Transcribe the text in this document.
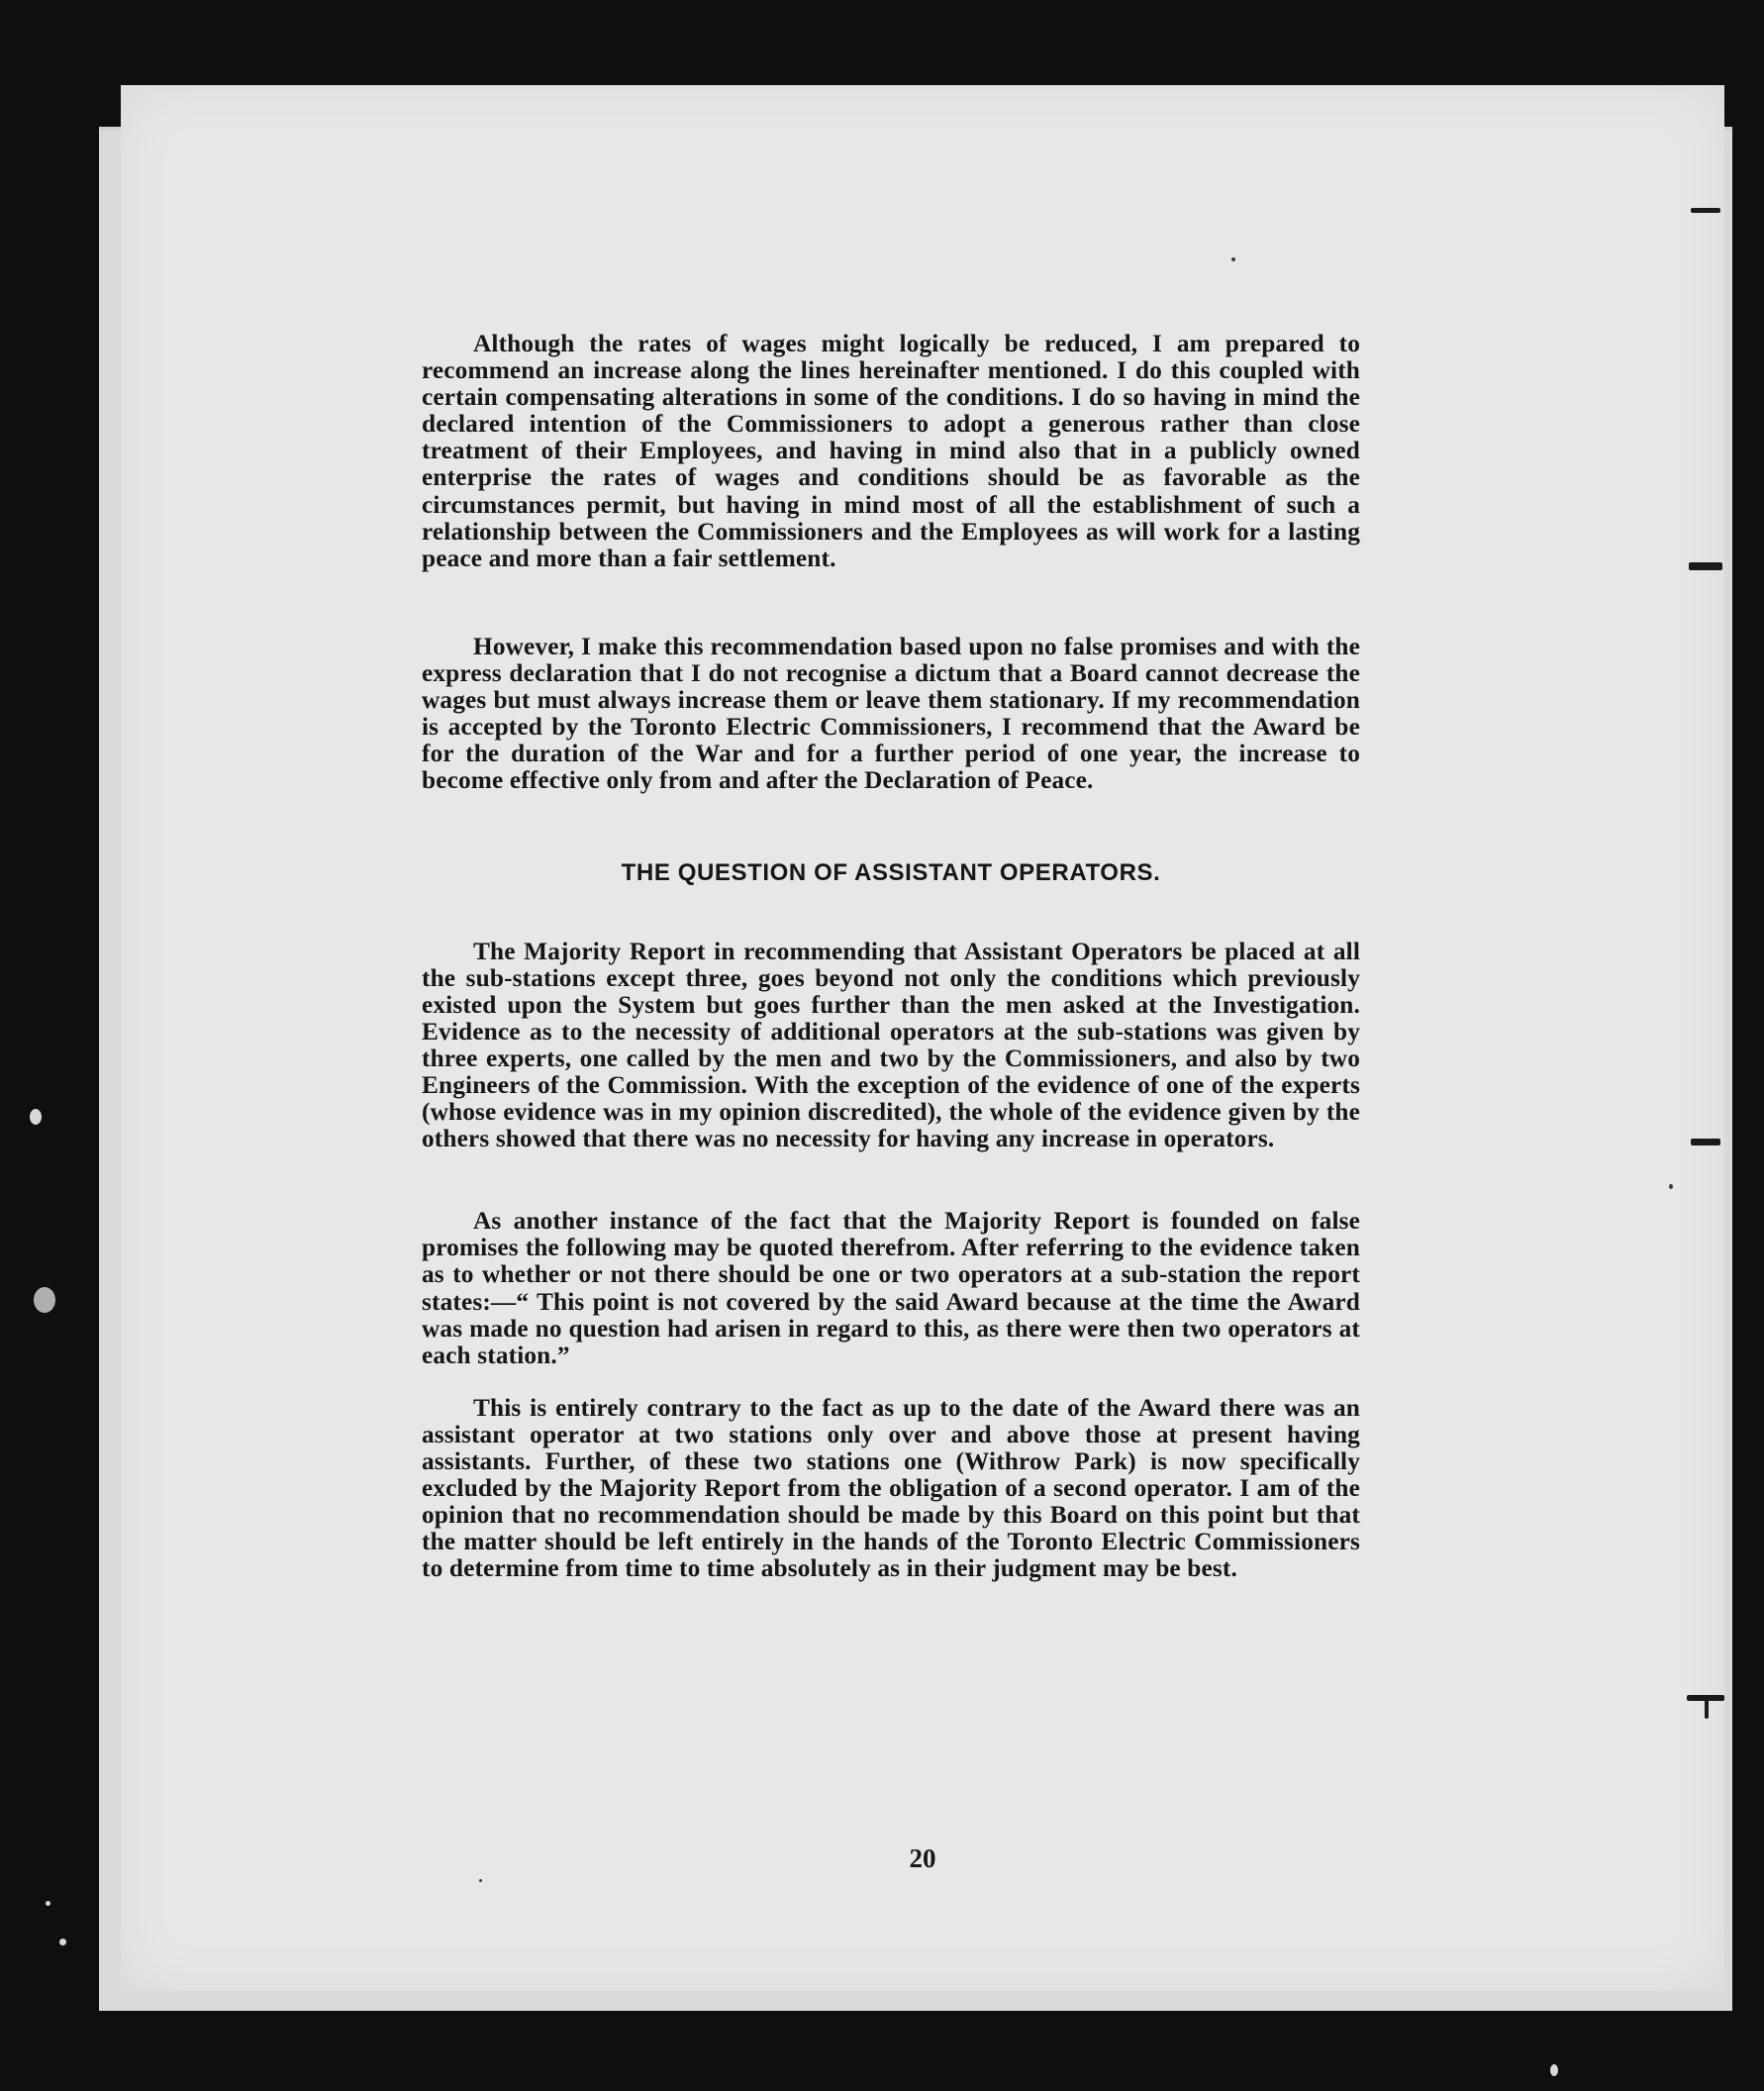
Although the rates of wages might logically be reduced, I am prepared to recommend an increase along the lines hereinafter mentioned. I do this coupled with certain compensating alterations in some of the conditions. I do so having in mind the declared intention of the Commissioners to adopt a generous rather than close treatment of their Employees, and having in mind also that in a publicly owned enterprise the rates of wages and conditions should be as favorable as the circumstances permit, but having in mind most of all the establishment of such a relationship between the Commissioners and the Employees as will work for a lasting peace and more than a fair settlement.

However, I make this recommendation based upon no false promises and with the express declaration that I do not recognise a dictum that a Board cannot decrease the wages but must always increase them or leave them stationary. If my recommendation is accepted by the Toronto Electric Commissioners, I recommend that the Award be for the duration of the War and for a further period of one year, the increase to become effective only from and after the Declaration of Peace.

THE QUESTION OF ASSISTANT OPERATORS.

The Majority Report in recommending that Assistant Operators be placed at all the sub-stations except three, goes beyond not only the conditions which previously existed upon the System but goes further than the men asked at the Investigation. Evidence as to the necessity of additional operators at the sub-stations was given by three experts, one called by the men and two by the Commissioners, and also by two Engineers of the Commission. With the exception of the evidence of one of the experts (whose evidence was in my opinion discredited), the whole of the evidence given by the others showed that there was no necessity for having any increase in operators.

As another instance of the fact that the Majority Report is founded on false promises the following may be quoted therefrom. After referring to the evidence taken as to whether or not there should be one or two operators at a sub-station the report states:—“ This point is not covered by the said Award because at the time the Award was made no question had arisen in regard to this, as there were then two operators at each station.”

This is entirely contrary to the fact as up to the date of the Award there was an assistant operator at two stations only over and above those at present having assistants. Further, of these two stations one (Withrow Park) is now specifically excluded by the Majority Report from the obligation of a second operator. I am of the opinion that no recommendation should be made by this Board on this point but that the matter should be left entirely in the hands of the Toronto Electric Commissioners to determine from time to time absolutely as in their judgment may be best.

20
